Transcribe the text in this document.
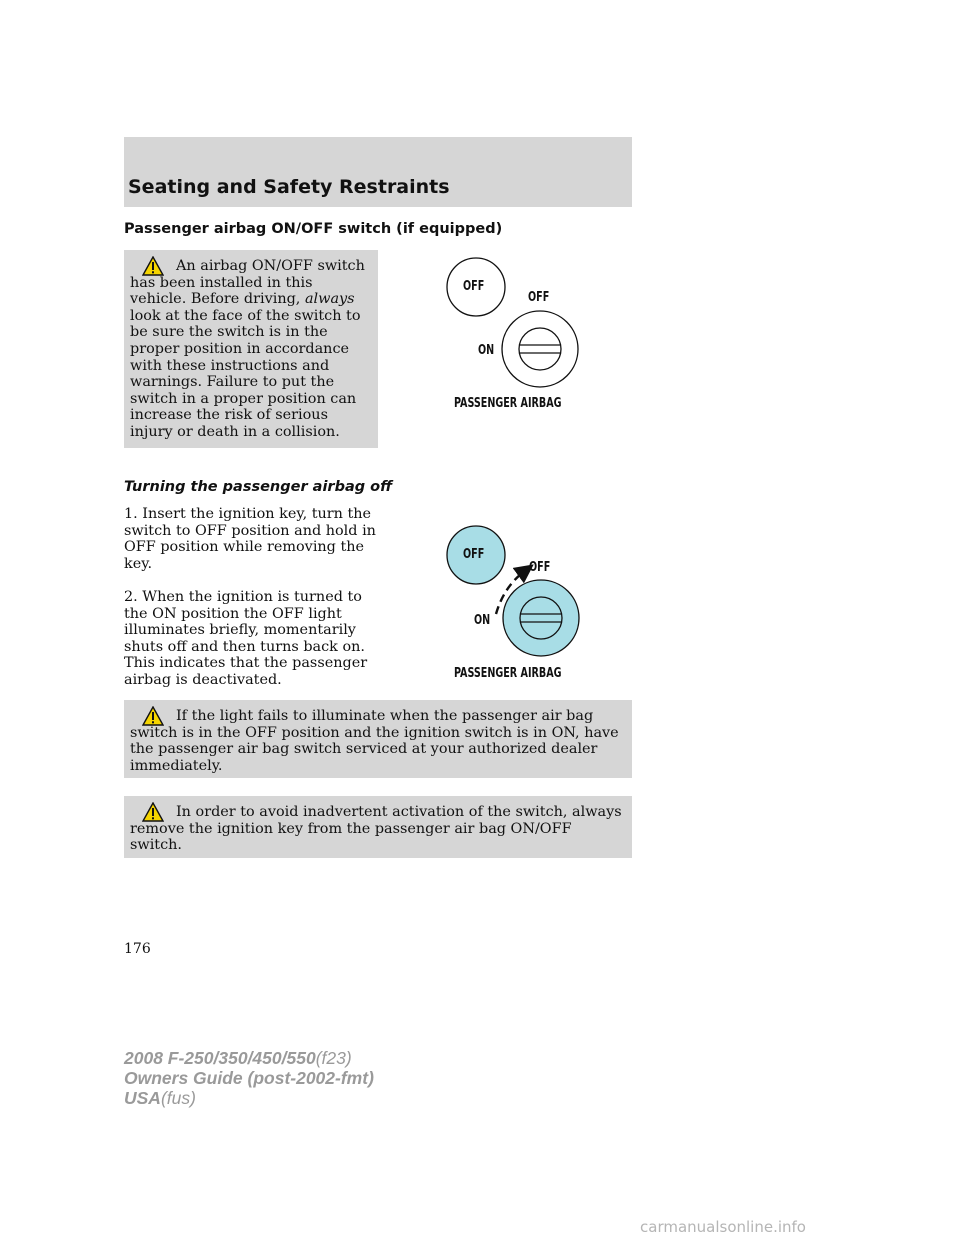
Seating and Safety Restraints
Passenger airbag ON/OFF switch (if equipped)

An airbag ON/OFF switch has been installed in this vehicle. Before driving, always look at the face of the switch to be sure the switch is in the proper position in accordance with these instructions and warnings. Failure to put the switch in a proper position can increase the risk of serious injury or death in a collision.

OFF
OFF
ON
PASSENGER AIRBAG
Turning the passenger airbag off

1. Insert the ignition key, turn the switch to OFF position and hold in OFF position while removing the key.

2. When the ignition is turned to the ON position the OFF light illuminates briefly, momentarily shuts off and then turns back on. This indicates that the passenger airbag is deactivated.

OFF
OFF
ON
PASSENGER AIRBAG

If the light fails to illuminate when the passenger air bag switch is in the OFF position and the ignition switch is in ON, have the passenger air bag switch serviced at your authorized dealer immediately.

In order to avoid inadvertent activation of the switch, always remove the ignition key from the passenger air bag ON/OFF switch.

176
2008 F-250/350/450/550(f23)
Owners Guide (post-2002-fmt)
USA(fus)
carmanualsonline.info
